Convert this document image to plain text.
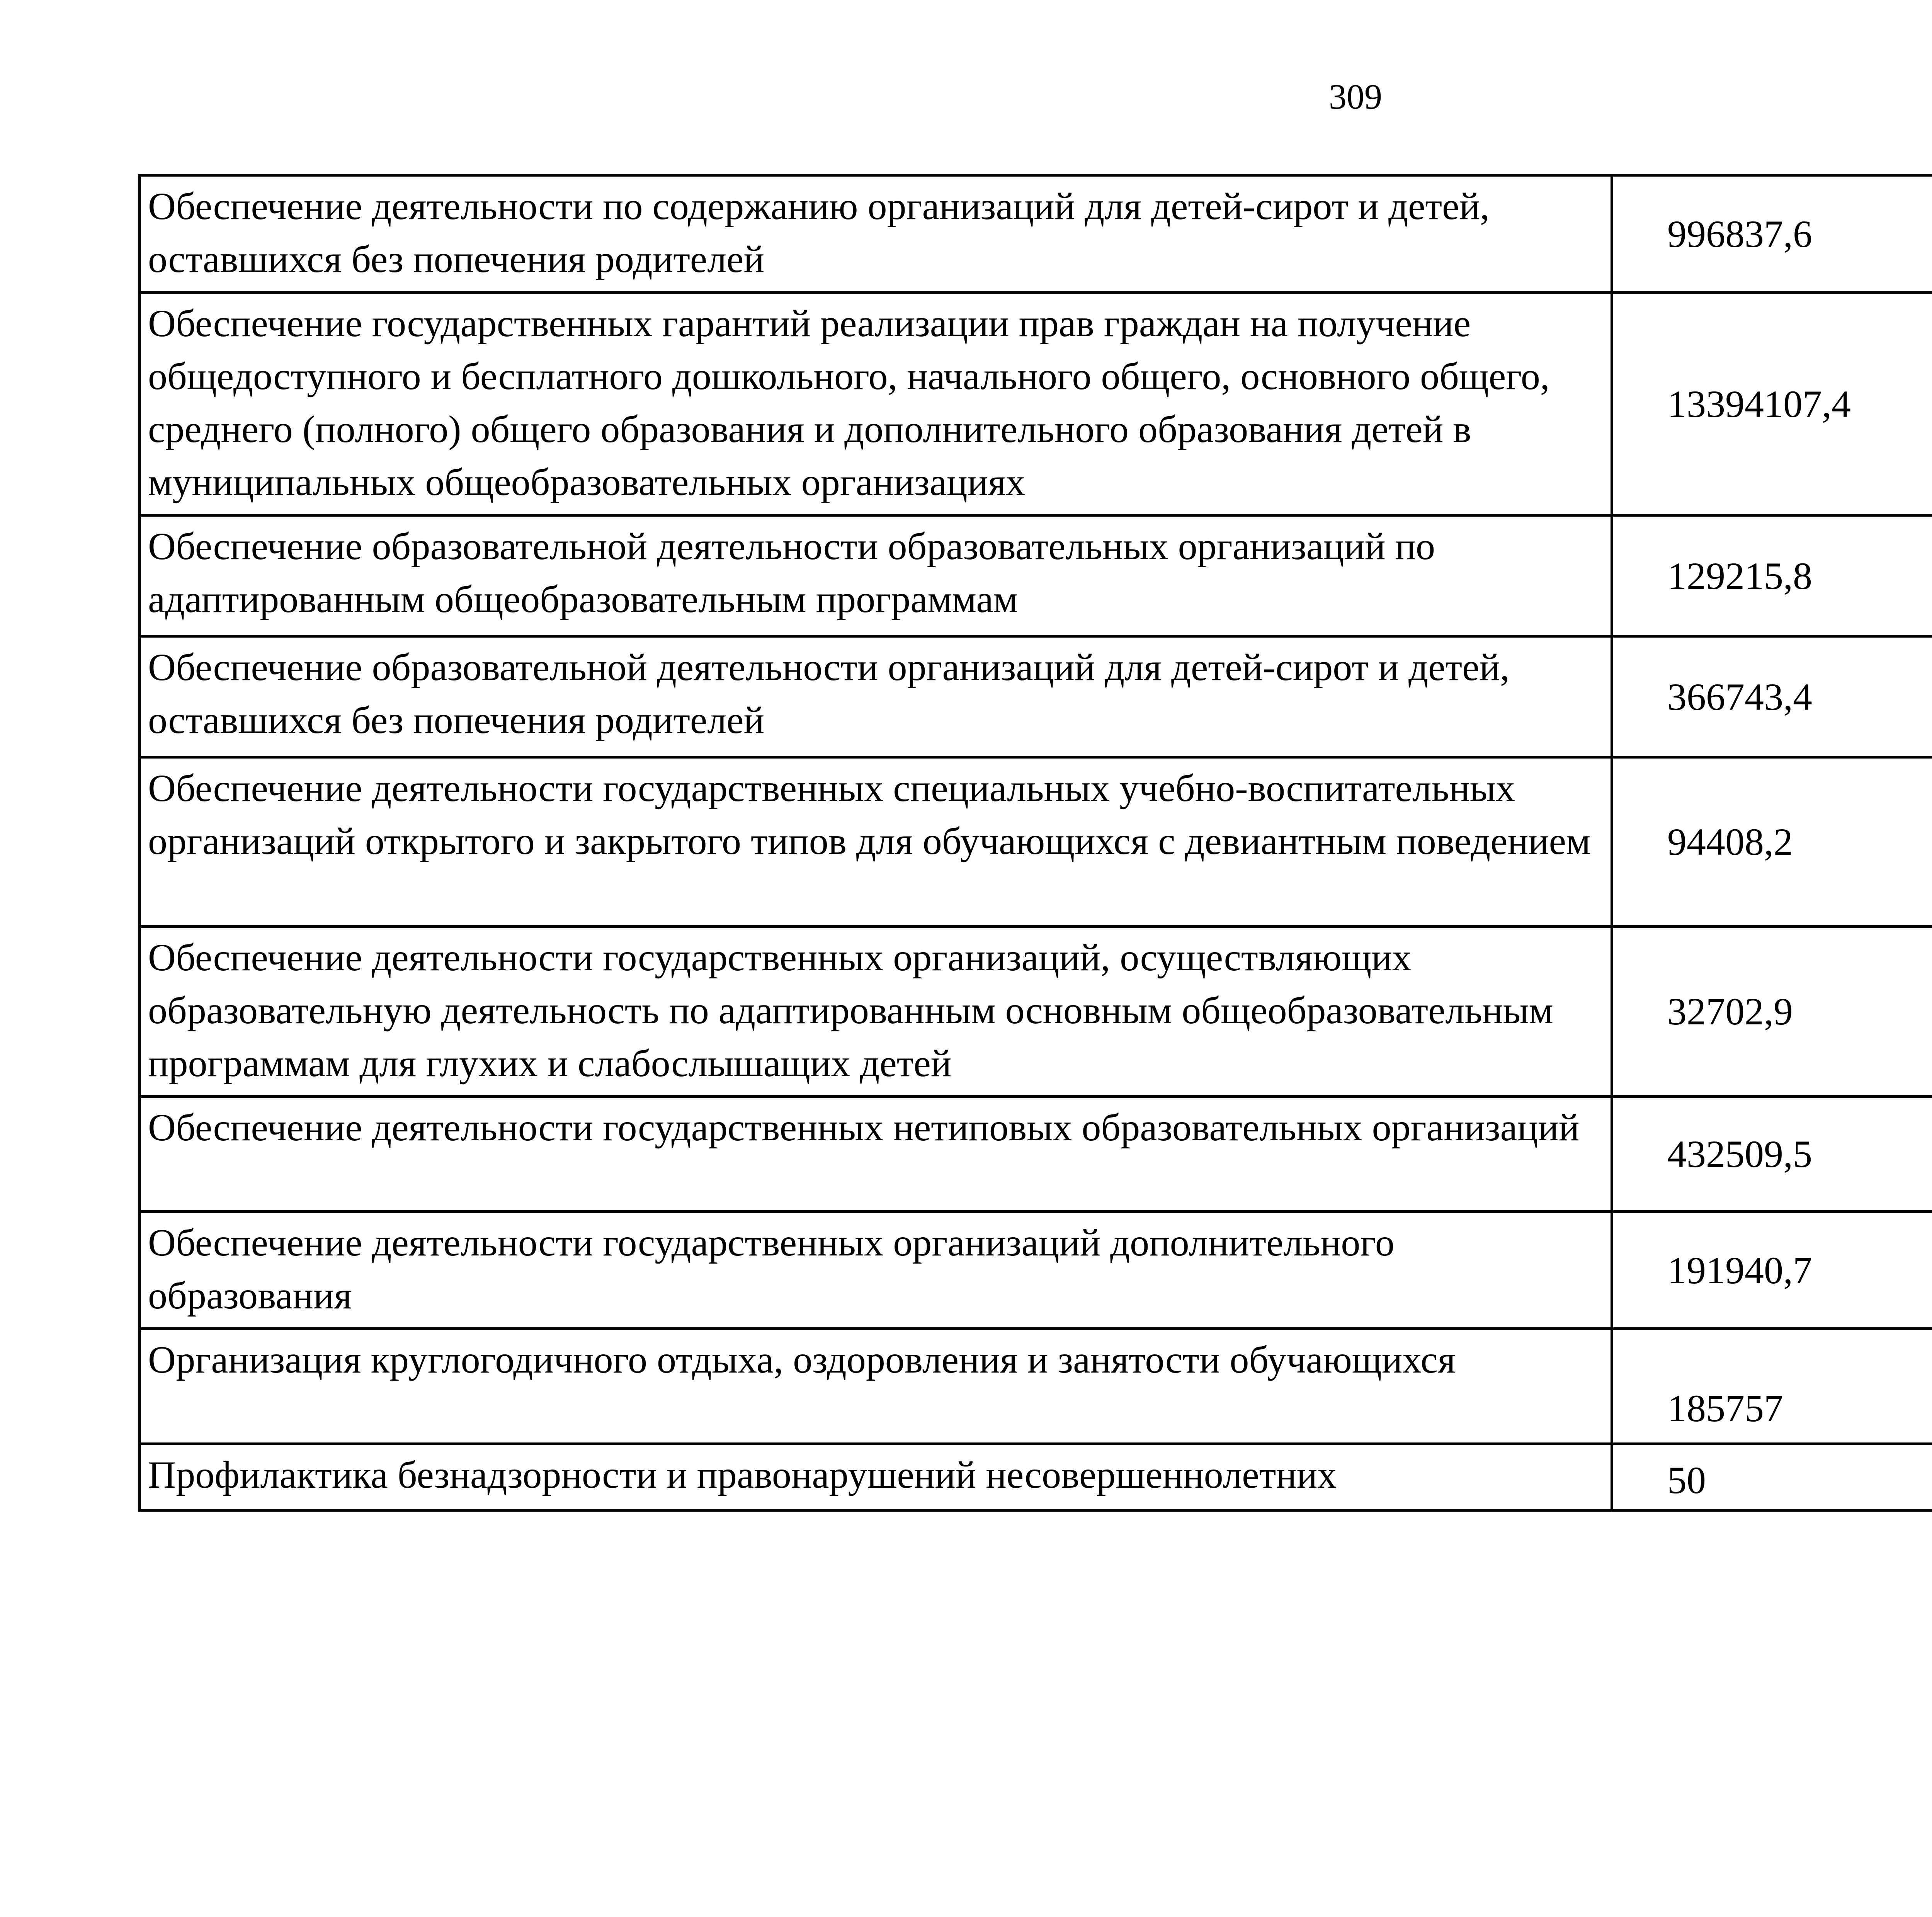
309
Обеспечение деятельности по содержанию организаций для детей-сирот и детей, оставшихся без попечения родителей	996837,6		
Обеспечение государственных гарантий реализации прав граждан на получение общедоступного и бесплатного дошкольного, начального общего, основного общего, среднего (полного) общего образования и дополнительного образования детей в муниципальных общеобразовательных организациях	13394107,4		
Обеспечение образовательной деятельности образовательных организаций по адаптированным общеобразовательным программам	129215,8		
Обеспечение образовательной деятельности организаций для детей-сирот и детей, оставшихся без попечения родителей	366743,4		
Обеспечение деятельности государственных специальных учебно-воспитательных организаций открытого и закрытого типов для обучающихся с девиантным поведением	94408,2		
Обеспечение деятельности государственных организаций, осуществляющих образовательную деятельность по адаптированным основным общеобразовательным программам для глухих и слабослышащих детей	32702,9		
Обеспечение деятельности государственных нетиповых образовательных организаций	432509,5		
Обеспечение деятельности государственных организаций дополнительного образования	191940,7		
Организация круглогодичного отдыха, оздоровления и занятости обучающихся	185757		
Профилактика безнадзорности и правонарушений несовершеннолетних	50		
